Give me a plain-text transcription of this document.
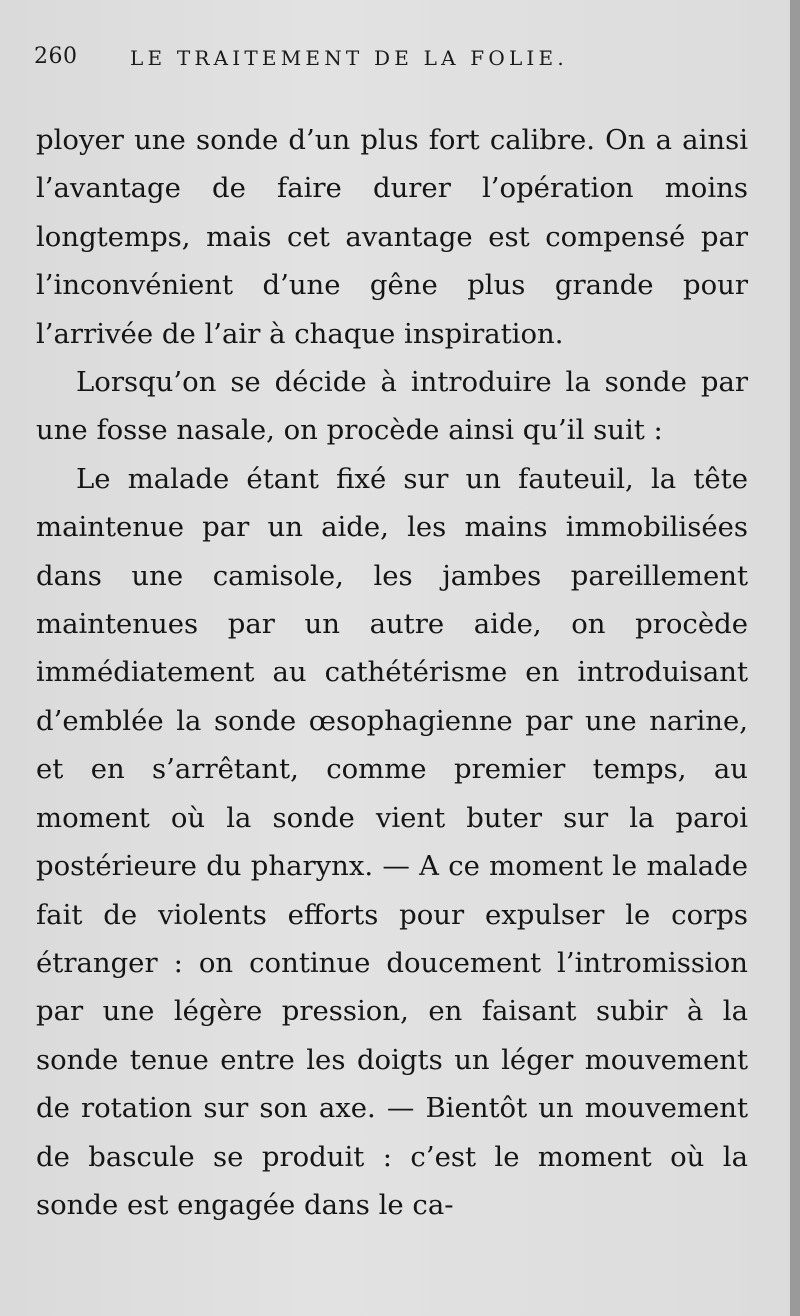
260	LE TRAITEMENT DE LA FOLIE.

ployer une sonde d’un plus fort calibre. On a ainsi l’avantage de faire durer l’opération moins longtemps, mais cet avantage est compensé par l’inconvénient d’une gêne plus grande pour l’arrivée de l’air à chaque inspiration.

Lorsqu’on se décide à introduire la sonde par une fosse nasale, on procède ainsi qu’il suit :

Le malade étant fixé sur un fauteuil, la tête maintenue par un aide, les mains immobilisées dans une camisole, les jambes pareillement maintenues par un autre aide, on procède immédiatement au cathétérisme en introduisant d’emblée la sonde œsophagienne par une narine, et en s’arrêtant, comme premier temps, au moment où la sonde vient buter sur la paroi postérieure du pharynx. — A ce moment le malade fait de violents efforts pour expulser le corps étranger : on continue doucement l’intromission par une légère pression, en faisant subir à la sonde tenue entre les doigts un léger mouvement de rotation sur son axe. — Bientôt un mouvement de bascule se produit : c’est le moment où la sonde est engagée dans le ca-
